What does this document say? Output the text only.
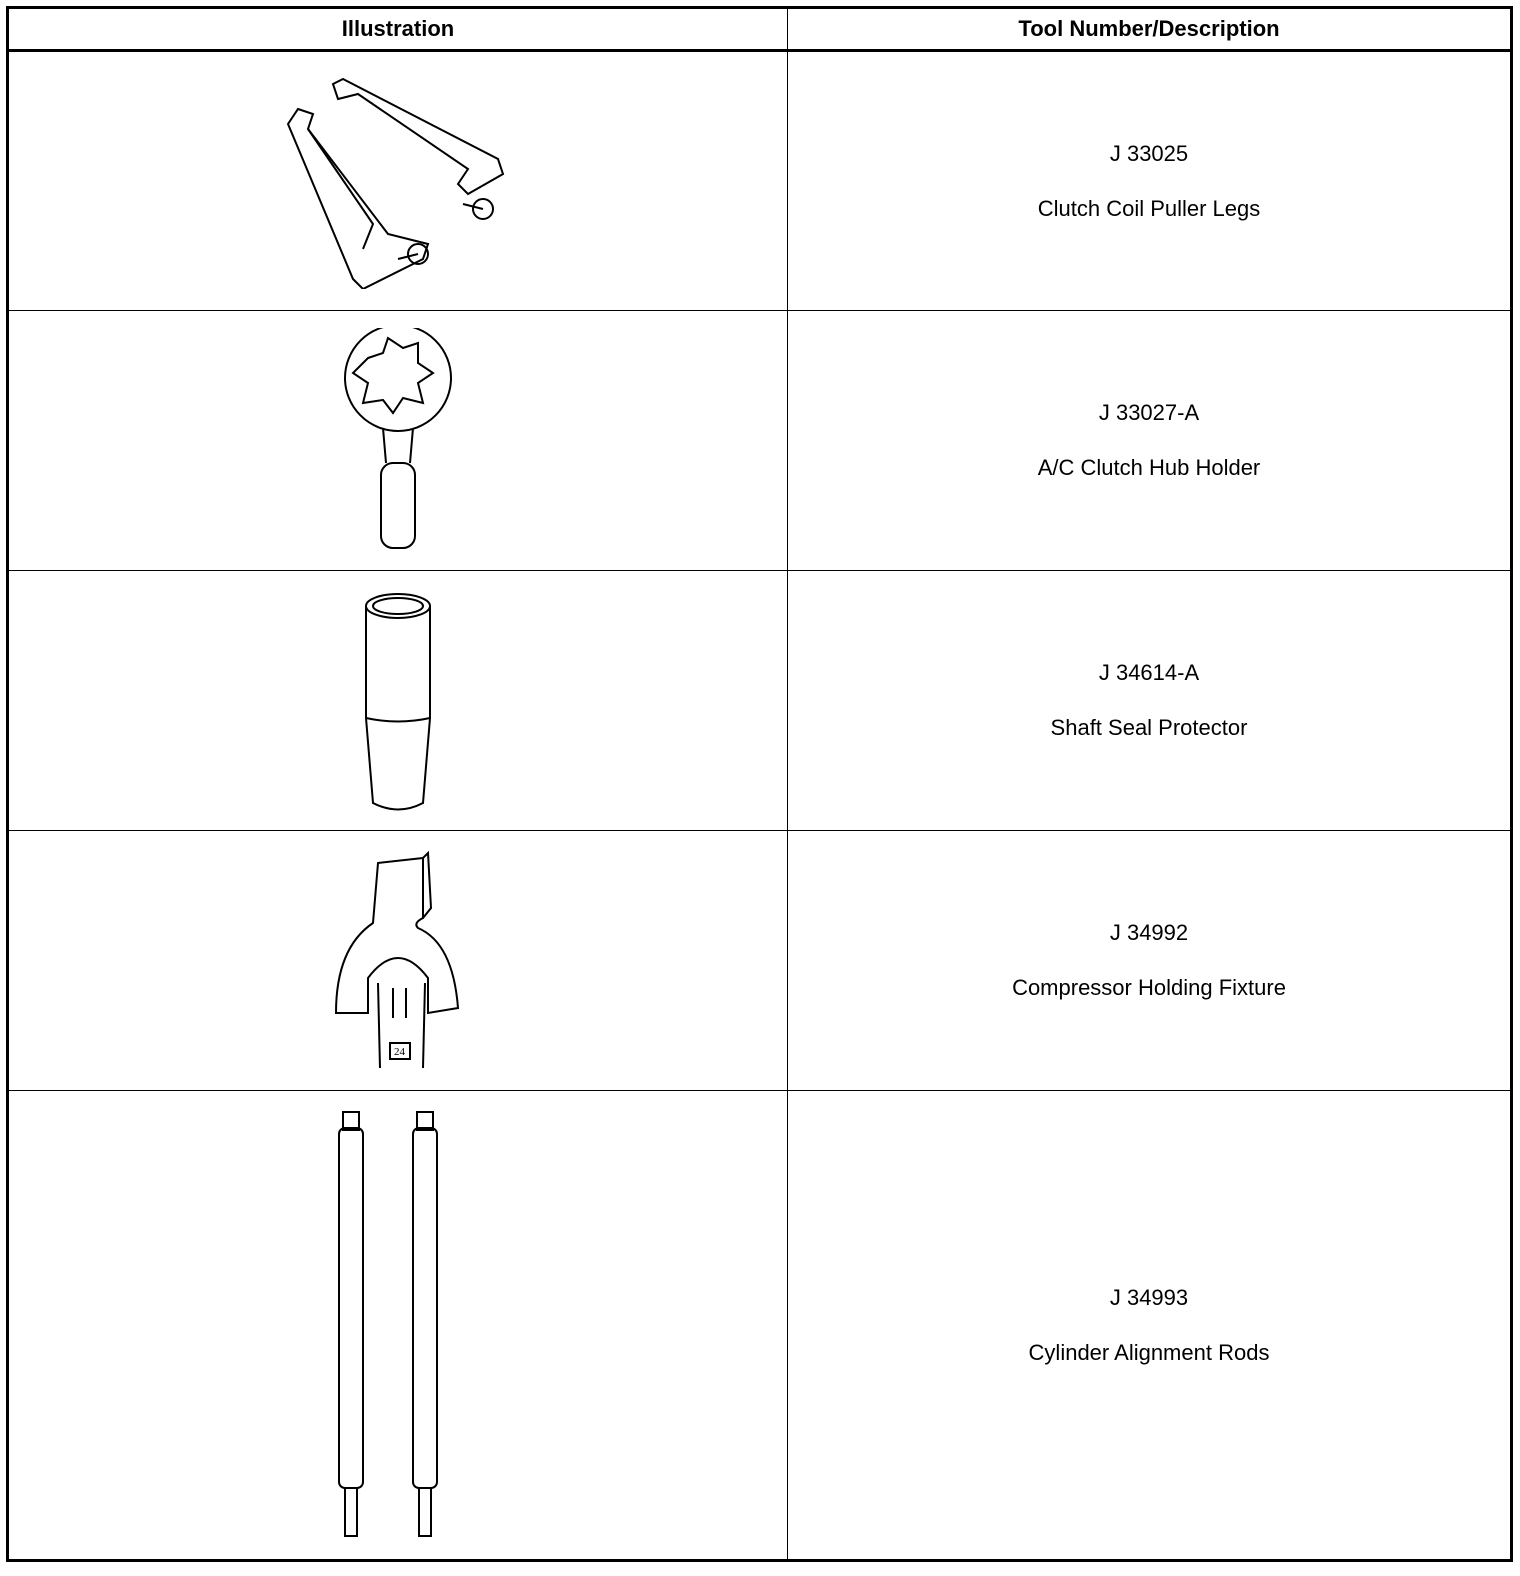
Illustration	Tool Number/Description

J 33025
Clutch Coil Puller Legs

J 33027-A
A/C Clutch Hub Holder

J 34614-A
Shaft Seal Protector

24	J 34992
Compressor Holding Fixture

J 34993
Cylinder Alignment Rods
